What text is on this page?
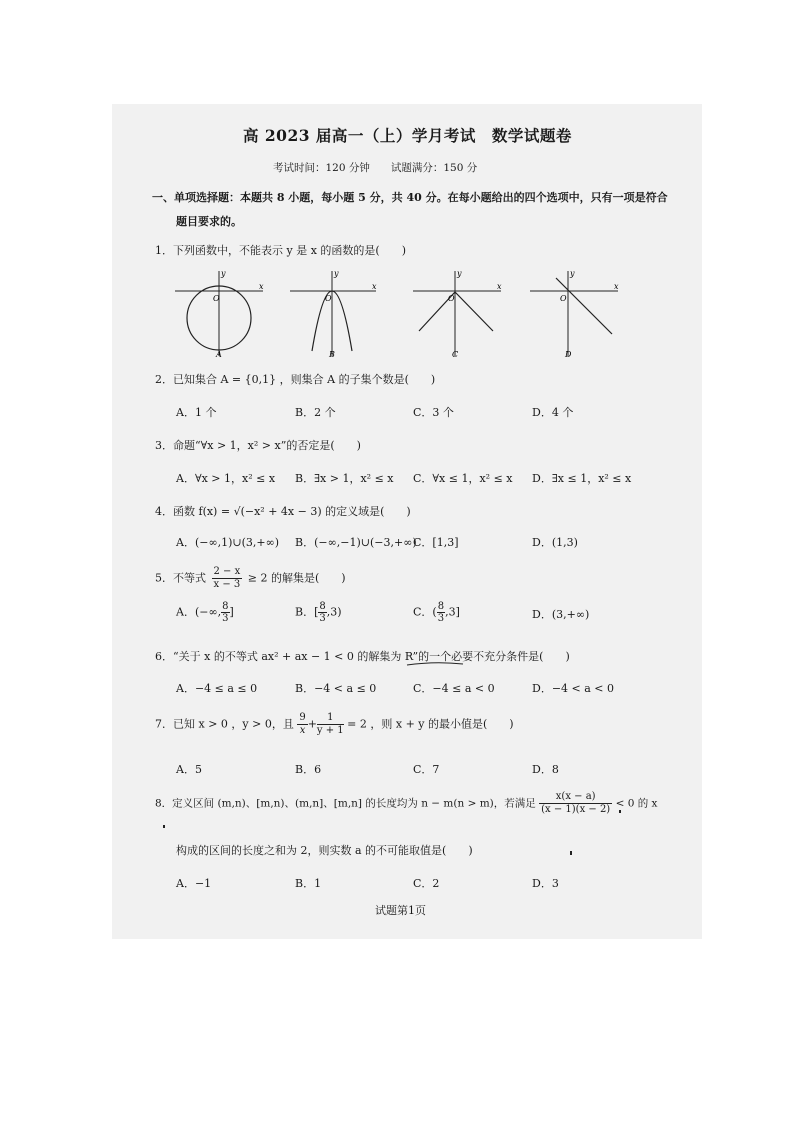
高 2023 届高一（上）学月考试　数学试题卷
考试时间：120 分钟　　试题满分：150 分
一、单项选择题：本题共 8 小题，每小题 5 分，共 40 分。在每小题给出的四个选项中，只有一项是符合
题目要求的。
1．下列函数中，不能表示 y 是 x 的函数的是(　　)
y
x
O
A
y
x
O
B
y
x
O
C
y
x
O
D
2．已知集合 A = {0,1} ，则集合 A 的子集个数是(　　)
A．1 个	B．2 个	C．3 个	D．4 个
3．命题“∀x > 1，x² > x”的否定是(　　)
A．∀x > 1，x² ≤ x B．∃x > 1，x² ≤ x C．∀x ≤ 1，x² ≤ x D．∃x ≤ 1，x² ≤ x
4．函数 f(x) = √(−x² + 4x − 3) 的定义域是(　　)
A．(−∞,1)∪(3,+∞) B．(−∞,−1)∪(−3,+∞)
C．[1,3]	D．(1,3)
5．不等式 $\frac{2 - x}{x - 3} \ge 2$ 的解集是(　　)
A．(−∞, $\frac{8}{3}$ ]	B．[ $\frac{8}{3} ,3$)	C．( $\frac{8}{3} ,3$]	D．(3,+∞)
6．“关于 x 的不等式 ax² + ax − 1 < 0 的解集为 R”的一个必要不充分条件是(　　)
A．−4 ≤ a ≤ 0	B．−4 < a ≤ 0	C．−4 ≤ a < 0	D．−4 < a < 0
7．已知 x > 0 ，y > 0，且 $\frac{9}{x} + \frac{1}{y + 1} = 2$ ，则 x + y 的最小值是(　　)
A．5	B．6	C．7	D．8
8．定义区间 (m,n)、[m,n)、(m,n]、[m,n] 的长度均为 n − m(n > m)，若满足 $\frac{x(x - a)}{(x - 1)(x - 2)} < 0$ 的 x
构成的区间的长度之和为 2，则实数 a 的不可能取值是(　　)
A．−1	B．1	C．2	D．3
试题第1页
